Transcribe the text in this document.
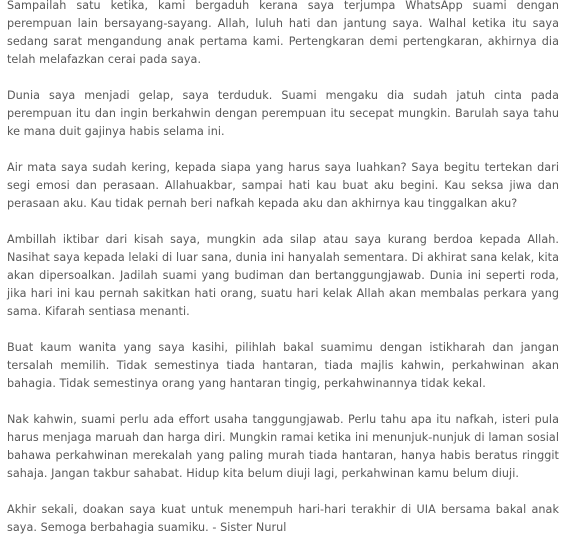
Sampailah satu ketika, kami bergaduh kerana saya terjumpa WhatsApp suami dengan perempuan lain bersayang-sayang. Allah, luluh hati dan jantung saya. Walhal ketika itu saya sedang sarat mengandung anak pertama kami. Pertengkaran demi pertengkaran, akhirnya dia telah melafazkan cerai pada saya.

Dunia saya menjadi gelap, saya terduduk. Suami mengaku dia sudah jatuh cinta pada perempuan itu dan ingin berkahwin dengan perempuan itu secepat mungkin. Barulah saya tahu ke mana duit gajinya habis selama ini.

Air mata saya sudah kering, kepada siapa yang harus saya luahkan? Saya begitu tertekan dari segi emosi dan perasaan. Allahuakbar, sampai hati kau buat aku begini. Kau seksa jiwa dan perasaan aku. Kau tidak pernah beri nafkah kepada aku dan akhirnya kau tinggalkan aku?

Ambillah iktibar dari kisah saya, mungkin ada silap atau saya kurang berdoa kepada Allah. Nasihat saya kepada lelaki di luar sana, dunia ini hanyalah sementara. Di akhirat sana kelak, kita akan dipersoalkan. Jadilah suami yang budiman dan bertanggungjawab. Dunia ini seperti roda, jika hari ini kau pernah sakitkan hati orang, suatu hari kelak Allah akan membalas perkara yang sama. Kifarah sentiasa menanti.

Buat kaum wanita yang saya kasihi, pilihlah bakal suamimu dengan istikharah dan jangan tersalah memilih. Tidak semestinya tiada hantaran, tiada majlis kahwin, perkahwinan akan bahagia. Tidak semestinya orang yang hantaran tingig, perkahwinannya tidak kekal.

Nak kahwin, suami perlu ada effort usaha tanggungjawab. Perlu tahu apa itu nafkah, isteri pula harus menjaga maruah dan harga diri. Mungkin ramai ketika ini menunjuk-nunjuk di laman sosial bahawa perkahwinan merekalah yang paling murah tiada hantaran, hanya habis beratus ringgit sahaja. Jangan takbur sahabat. Hidup kita belum diuji lagi, perkahwinan kamu belum diuji.

Akhir sekali, doakan saya kuat untuk menempuh hari-hari terakhir di UIA bersama bakal anak saya. Semoga berbahagia suamiku. - Sister Nurul
